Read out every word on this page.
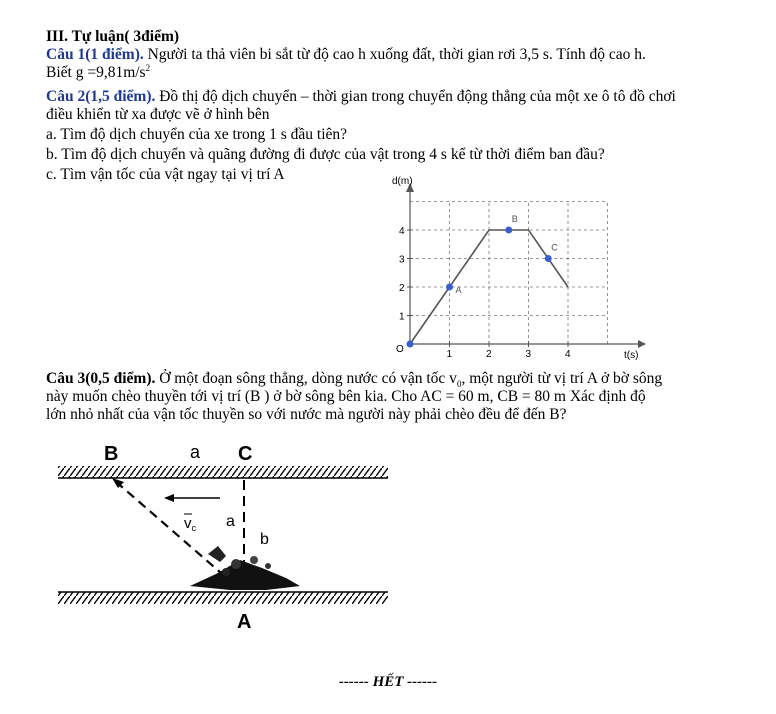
III. Tự luận( 3điểm)
Câu 1(1 điểm). Người ta thả viên bi sắt từ độ cao h xuống đất, thời gian rơi 3,5 s. Tính độ cao h.
Biết $g =9,81m/s^2$
Câu 2(1,5 điểm). Đồ thị độ dịch chuyển – thời gian trong chuyển động thẳng của một xe ô tô đồ chơi
điều khiển từ xa được vẽ ở hình bên
a. Tìm độ dịch chuyển của xe trong 1 s đầu tiên?
b. Tìm độ dịch chuyển và quãng đường đi được của vật trong 4 s kể từ thời điểm ban đầu?
c. Tìm vận tốc của vật ngay tại vị trí A	d(m)
t(s)
O	1	2	3	4
1
2
3
4
A
B
C
Câu 3(0,5 điểm). Ở một đoạn sông thẳng, dòng nước có vận tốc $v_0$, một người từ vị trí A ở bờ sông
này muốn chèo thuyền tới vị trí (B ) ở bờ sông bên kia. Cho AC = 60 m, CB = 80 m Xác định độ
lớn nhỏ nhất của vận tốc thuyền so với nước mà người này phải chèo đều để đến B?
B	a C
$v_c$ a
b
A
------ HẾT ------
